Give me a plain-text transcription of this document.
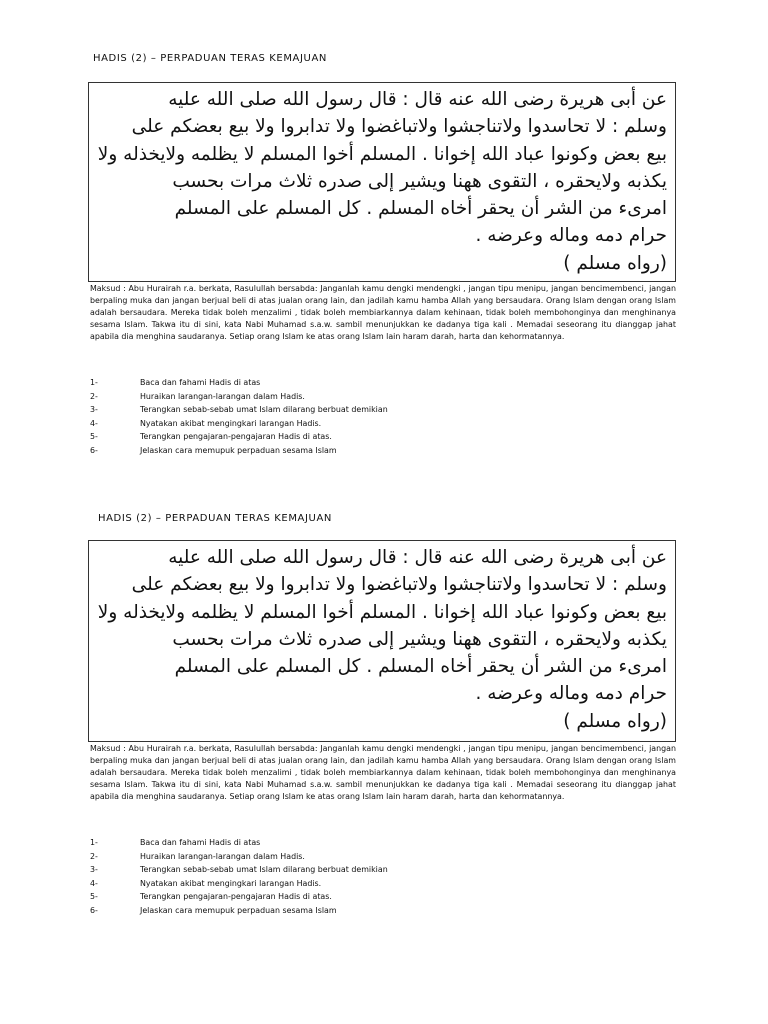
HADIS (2) – PERPADUAN TERAS KEMAJUAN
عن أبى هريرة رضى الله عنه قال : قال رسول الله صلى الله عليه
وسلم : لا تحاسدوا ولاتناجشوا ولاتباغضوا ولا تدابروا ولا بيع بعضكم على
بيع بعض وكونوا عباد الله إخوانا . المسلم أخوا المسلم لا يظلمه ولايخذله ولا
يكذبه ولايحقره ، التقوى ههنا ويشير إلى صدره ثلاث مرات بحسب
امرىء من الشر أن يحقر أخاه المسلم . كل المسلم على المسلم
حرام دمه وماله وعرضه .
(رواه مسلم )
Maksud : Abu Hurairah r.a. berkata, Rasulullah bersabda: Janganlah kamu dengki mendengki , jangan tipu menipu, jangan bencimembenci, jangan berpaling muka dan jangan berjual beli di atas jualan orang lain, dan jadilah kamu hamba Allah yang bersaudara. Orang Islam dengan orang Islam adalah bersaudara. Mereka tidak boleh menzalimi , tidak boleh membiarkannya dalam kehinaan, tidak boleh membohonginya dan menghinanya sesama Islam. Takwa itu di sini, kata Nabi Muhamad s.a.w. sambil menunjukkan ke dadanya tiga kali . Memadai seseorang itu dianggap jahat apabila dia menghina saudaranya. Setiap orang Islam ke atas orang Islam lain haram darah, harta dan kehormatannya.
1-	Baca dan fahami Hadis di atas
2-	Huraikan larangan-larangan dalam Hadis.
3-	Terangkan sebab-sebab umat Islam dilarang berbuat demikian
4-	Nyatakan akibat mengingkari larangan Hadis.
5-	Terangkan pengajaran-pengajaran Hadis di atas.
6-	Jelaskan cara memupuk perpaduan sesama Islam
HADIS (2) – PERPADUAN TERAS KEMAJUAN
عن أبى هريرة رضى الله عنه قال : قال رسول الله صلى الله عليه
وسلم : لا تحاسدوا ولاتناجشوا ولاتباغضوا ولا تدابروا ولا بيع بعضكم على
بيع بعض وكونوا عباد الله إخوانا . المسلم أخوا المسلم لا يظلمه ولايخذله ولا
يكذبه ولايحقره ، التقوى ههنا ويشير إلى صدره ثلاث مرات بحسب
امرىء من الشر أن يحقر أخاه المسلم . كل المسلم على المسلم
حرام دمه وماله وعرضه .
(رواه مسلم )
Maksud : Abu Hurairah r.a. berkata, Rasulullah bersabda: Janganlah kamu dengki mendengki , jangan tipu menipu, jangan bencimembenci, jangan berpaling muka dan jangan berjual beli di atas jualan orang lain, dan jadilah kamu hamba Allah yang bersaudara. Orang Islam dengan orang Islam adalah bersaudara. Mereka tidak boleh menzalimi , tidak boleh membiarkannya dalam kehinaan, tidak boleh membohonginya dan menghinanya sesama Islam. Takwa itu di sini, kata Nabi Muhamad s.a.w. sambil menunjukkan ke dadanya tiga kali . Memadai seseorang itu dianggap jahat apabila dia menghina saudaranya. Setiap orang Islam ke atas orang Islam lain haram darah, harta dan kehormatannya.
1-	Baca dan fahami Hadis di atas
2-	Huraikan larangan-larangan dalam Hadis.
3-	Terangkan sebab-sebab umat Islam dilarang berbuat demikian
4-	Nyatakan akibat mengingkari larangan Hadis.
5-	Terangkan pengajaran-pengajaran Hadis di atas.
6-	Jelaskan cara memupuk perpaduan sesama Islam
